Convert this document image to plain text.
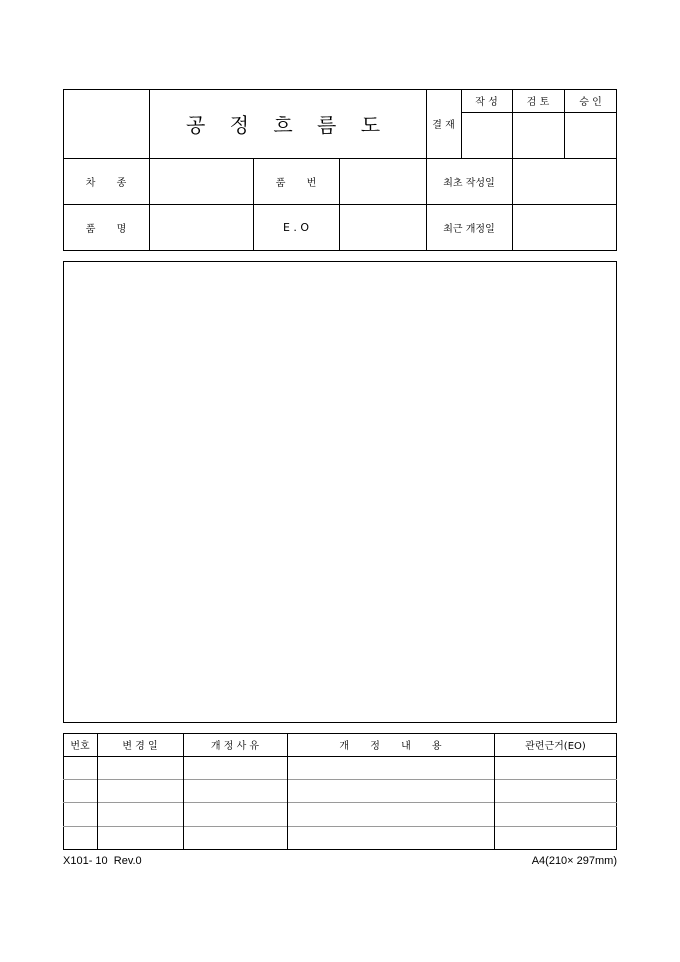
공 정 흐 름 도	결 재
작 성	검 토	승 인
차 종	품 번	최초 작성일
품 명	E . O	최근 개정일
번호	변 경 일	개 정 사 유	개 정 내 용	관련근거(EO)
X101- 10  Rev.0	A4(210× 297mm)
